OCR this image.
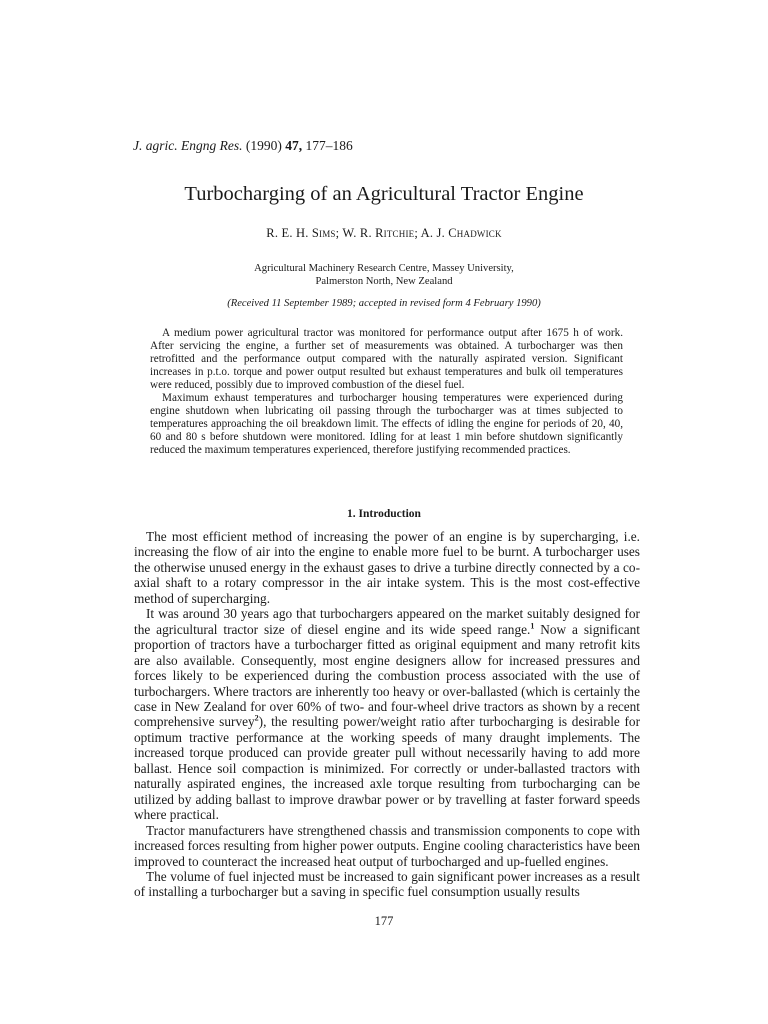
J. agric. Engng Res. (1990) 47, 177–186
Turbocharging of an Agricultural Tractor Engine
R. E. H. Sims; W. R. Ritchie; A. J. Chadwick
Agricultural Machinery Research Centre, Massey University,
Palmerston North, New Zealand
(Received 11 September 1989; accepted in revised form 4 February 1990)

A medium power agricultural tractor was monitored for performance output after 1675 h of work. After servicing the engine, a further set of measurements was obtained. A turbocharger was then retrofitted and the performance output compared with the naturally aspirated version. Significant increases in p.t.o. torque and power output resulted but exhaust temperatures and bulk oil temperatures were reduced, possibly due to improved combustion of the diesel fuel.

Maximum exhaust temperatures and turbocharger housing temperatures were experienced during engine shutdown when lubricating oil passing through the turbocharger was at times subjected to temperatures approaching the oil breakdown limit. The effects of idling the engine for periods of 20, 40, 60 and 80 s before shutdown were monitored. Idling for at least 1 min before shutdown significantly reduced the maximum temperatures experienced, therefore justifying recommended practices.

1. Introduction

The most efficient method of increasing the power of an engine is by supercharging, i.e. increasing the flow of air into the engine to enable more fuel to be burnt. A turbocharger uses the otherwise unused energy in the exhaust gases to drive a turbine directly connected by a co-axial shaft to a rotary compressor in the air intake system. This is the most cost-effective method of supercharging.

It was around 30 years ago that turbochargers appeared on the market suitably designed for the agricultural tractor size of diesel engine and its wide speed range.$^1$ Now a significant proportion of tractors have a turbocharger fitted as original equipment and many retrofit kits are also available. Consequently, most engine designers allow for increased pressures and forces likely to be experienced during the combustion process associated with the use of turbochargers. Where tractors are inherently too heavy or over-ballasted (which is certainly the case in New Zealand for over 60% of two- and four-wheel drive tractors as shown by a recent comprehensive survey$^2$), the resulting power/weight ratio after turbocharging is desirable for optimum tractive performance at the working speeds of many draught implements. The increased torque produced can provide greater pull without necessarily having to add more ballast. Hence soil compaction is minimized. For correctly or under-ballasted tractors with naturally aspirated engines, the increased axle torque resulting from turbocharging can be utilized by adding ballast to improve drawbar power or by travelling at faster forward speeds where practical.

Tractor manufacturers have strengthened chassis and transmission components to cope with increased forces resulting from higher power outputs. Engine cooling characteristics have been improved to counteract the increased heat output of turbocharged and up-fuelled engines.

The volume of fuel injected must be increased to gain significant power increases as a result of installing a turbocharger but a saving in specific fuel consumption usually results

177
